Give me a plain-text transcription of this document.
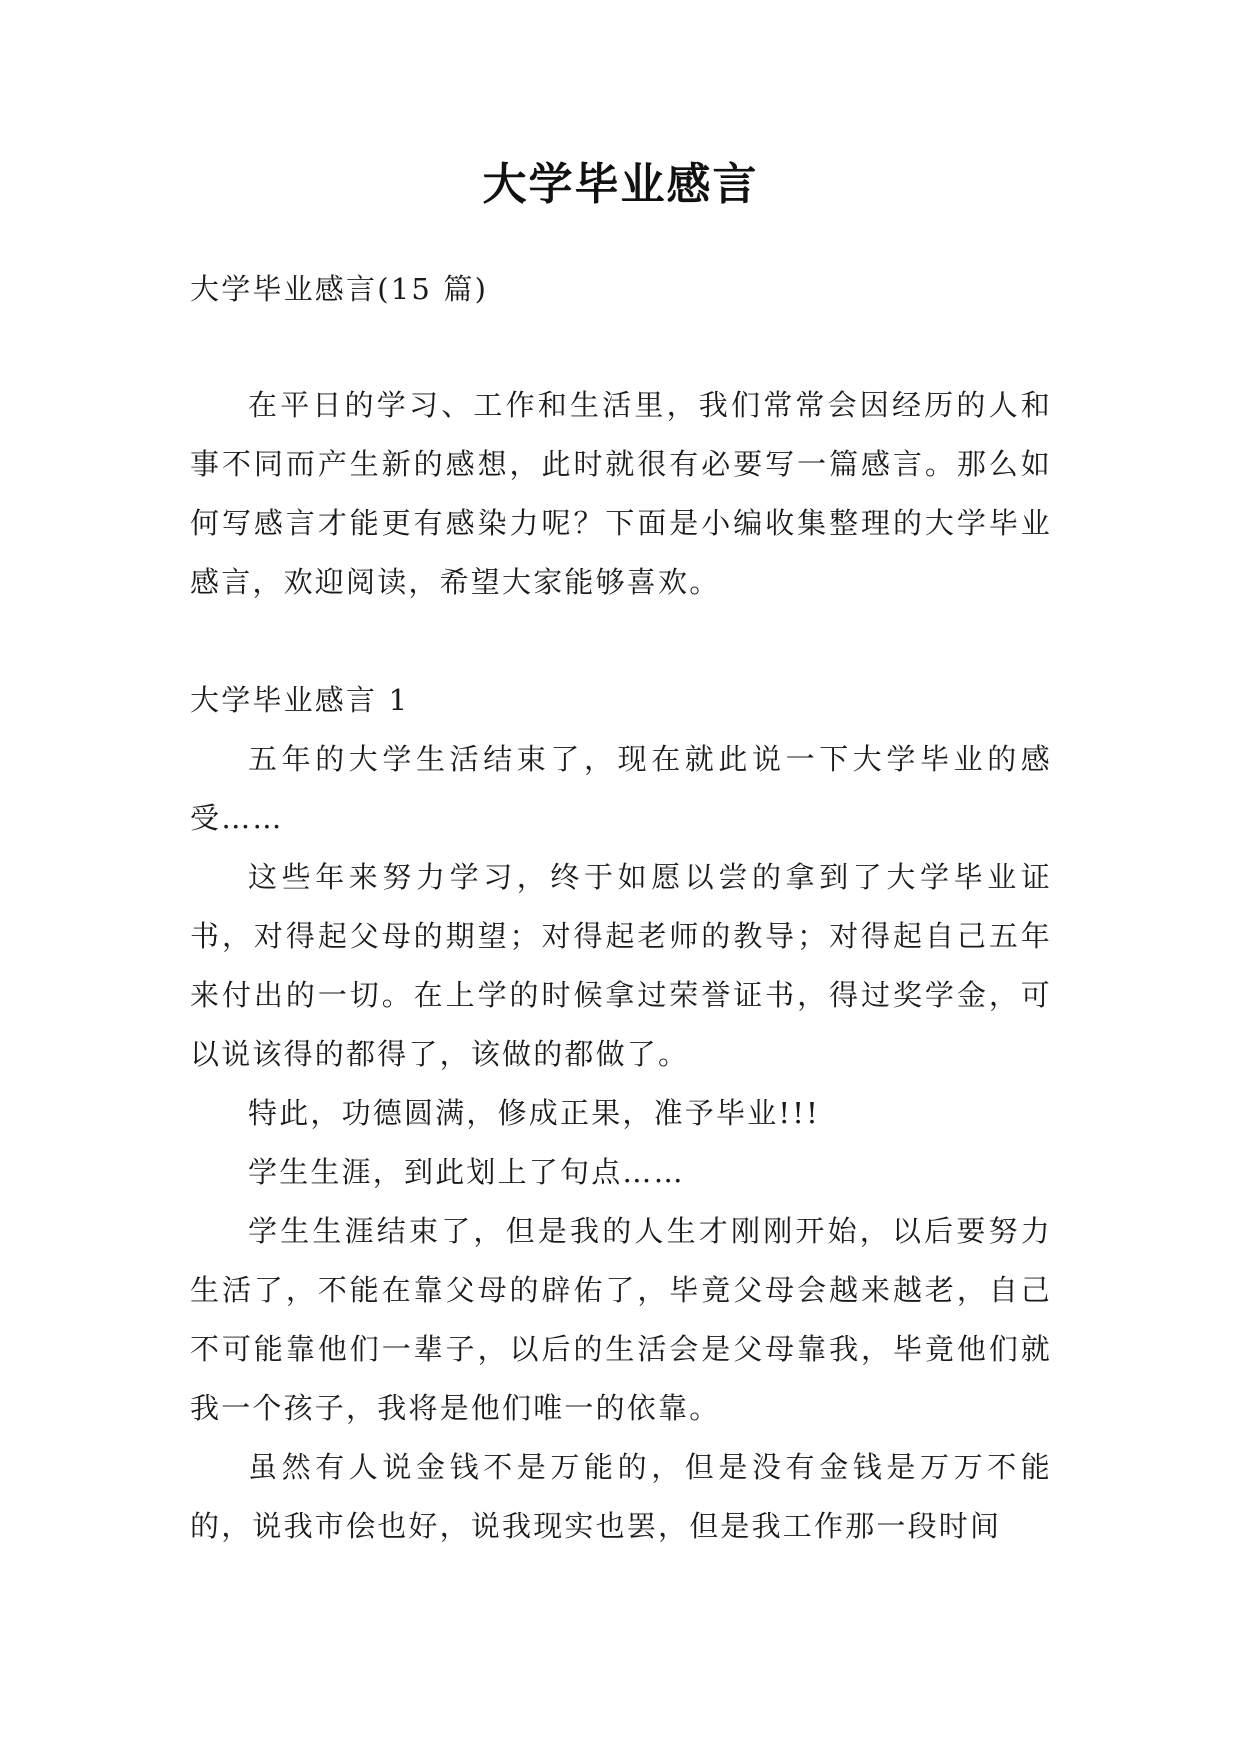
大学毕业感言

大学毕业感言(15 篇)

在平日的学习、工作和生活里，我们常常会因经历的人和事不同而产生新的感想，此时就很有必要写一篇感言。那么如何写感言才能更有感染力呢？下面是小编收集整理的大学毕业感言，欢迎阅读，希望大家能够喜欢。

大学毕业感言 1

五年的大学生活结束了，现在就此说一下大学毕业的感受……

这些年来努力学习，终于如愿以尝的拿到了大学毕业证书，对得起父母的期望；对得起老师的教导；对得起自己五年来付出的一切。在上学的时候拿过荣誉证书，得过奖学金，可以说该得的都得了，该做的都做了。

特此，功德圆满，修成正果，准予毕业!!!

学生生涯，到此划上了句点……

学生生涯结束了，但是我的人生才刚刚开始，以后要努力生活了，不能在靠父母的辟佑了，毕竟父母会越来越老，自己不可能靠他们一辈子，以后的生活会是父母靠我，毕竟他们就我一个孩子，我将是他们唯一的依靠。

虽然有人说金钱不是万能的，但是没有金钱是万万不能的，说我市侩也好，说我现实也罢，但是我工作那一段时间
